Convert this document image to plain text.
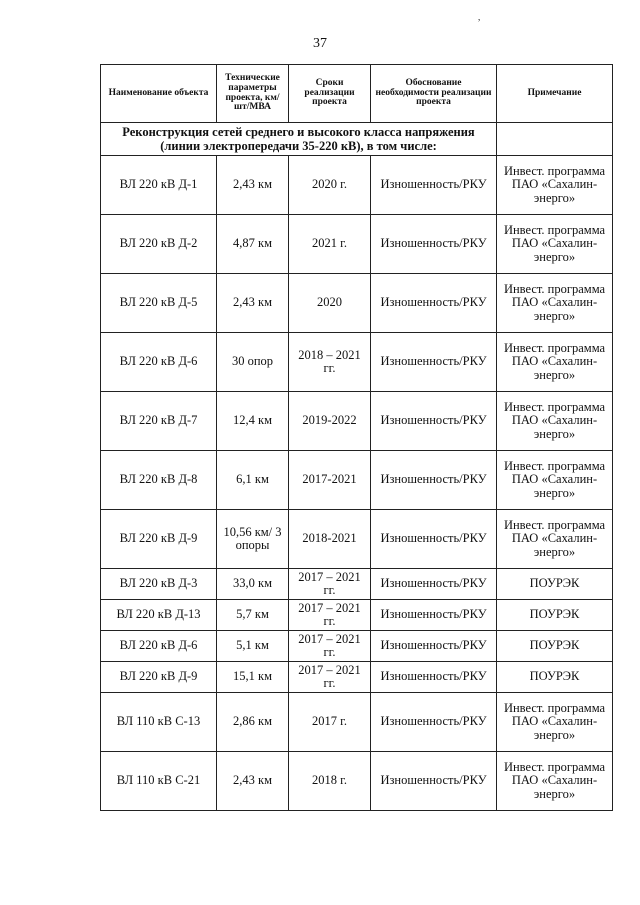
,
37
Наименование объекта	Технические параметры проекта, км/шт/МВА	Сроки реализации проекта	Обоснование необходимости реализации проекта	Примечание
Реконструкция сетей среднего и высокого класса напряжения (линии электропередачи 35-220 кВ), в том числе:				
ВЛ 220 кВ Д-1	2,43 км	2020 г.	Изношенность/РКУ	Инвест. программа ПАО «Сахалин-энерго»
ВЛ 220 кВ Д-2	4,87 км	2021 г.	Изношенность/РКУ	Инвест. программа ПАО «Сахалин-энерго»
ВЛ 220 кВ Д-5	2,43 км	2020	Изношенность/РКУ	Инвест. программа ПАО «Сахалин-энерго»
ВЛ 220 кВ Д-6	30 опор	2018 – 2021 гг.	Изношенность/РКУ	Инвест. программа ПАО «Сахалин-энерго»
ВЛ 220 кВ Д-7	12,4 км	2019-2022	Изношенность/РКУ	Инвест. программа ПАО «Сахалин-энерго»
ВЛ 220 кВ Д-8	6,1 км	2017-2021	Изношенность/РКУ	Инвест. программа ПАО «Сахалин-энерго»
ВЛ 220 кВ Д-9	10,56 км/ 3 опоры	2018-2021	Изношенность/РКУ	Инвест. программа ПАО «Сахалин-энерго»
ВЛ 220 кВ Д-3	33,0 км	2017 – 2021 гг.	Изношенность/РКУ	ПОУРЭК
ВЛ 220 кВ Д-13	5,7 км	2017 – 2021 гг.	Изношенность/РКУ	ПОУРЭК
ВЛ 220 кВ Д-6	5,1 км	2017 – 2021 гг.	Изношенность/РКУ	ПОУРЭК
ВЛ 220 кВ Д-9	15,1 км	2017 – 2021 гг.	Изношенность/РКУ	ПОУРЭК
ВЛ 110 кВ С-13	2,86 км	2017 г.	Изношенность/РКУ	Инвест. программа ПАО «Сахалин-энерго»
ВЛ 110 кВ С-21	2,43 км	2018 г.	Изношенность/РКУ	Инвест. программа ПАО «Сахалин-энерго»
